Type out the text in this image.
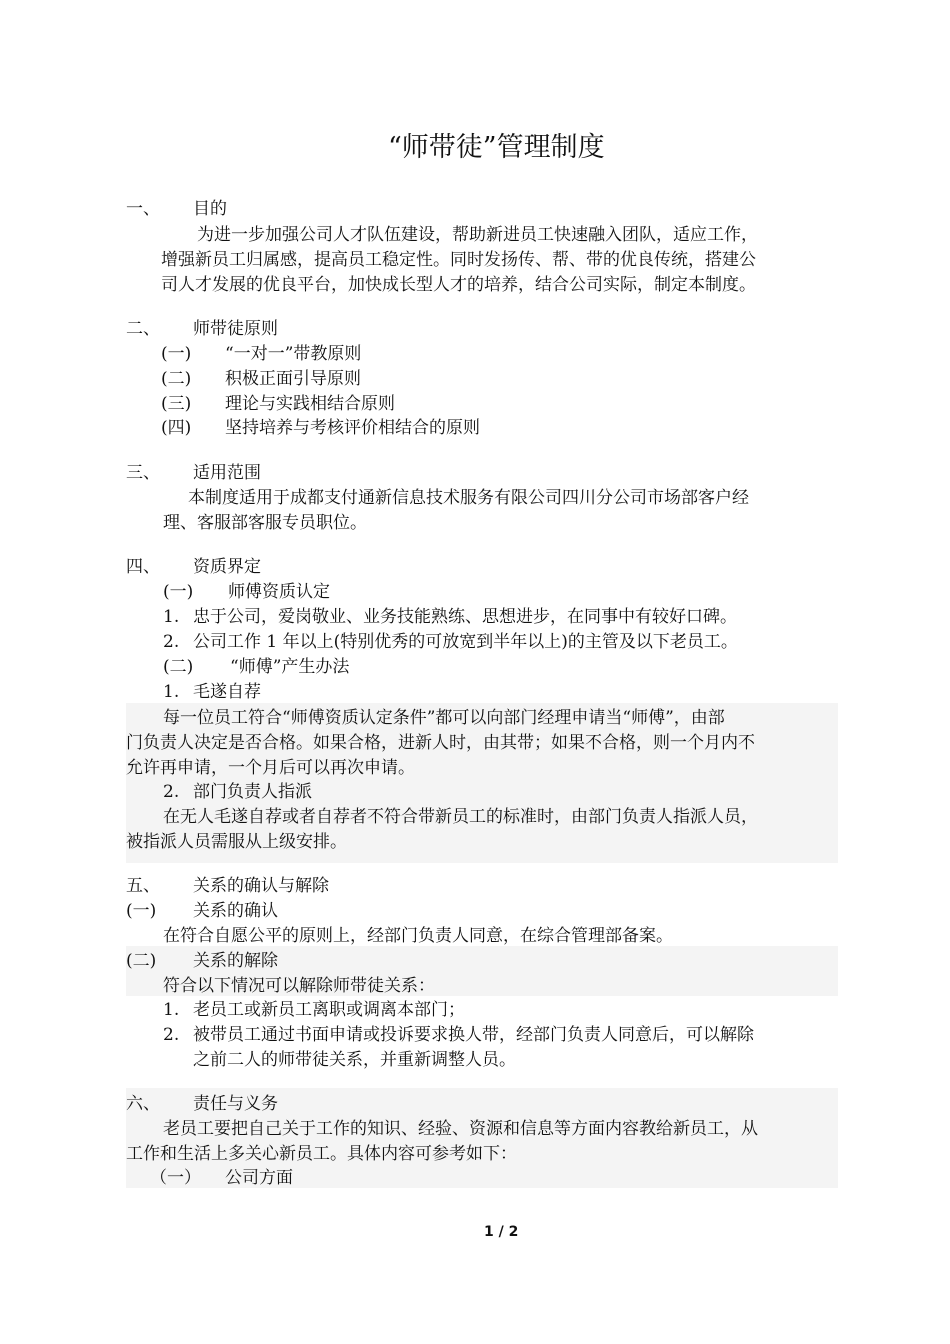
“师带徒”管理制度
一、 目的
为进一步加强公司人才队伍建设，帮助新进员工快速融入团队，适应工作，
增强新员工归属感，提高员工稳定性。同时发扬传、帮、带的优良传统，搭建公
司人才发展的优良平台，加快成长型人才的培养，结合公司实际，制定本制度。
二、 师带徒原则
(一) “一对一”带教原则
(二) 积极正面引导原则
(三) 理论与实践相结合原则
(四) 坚持培养与考核评价相结合的原则
三、 适用范围
本制度适用于成都支付通新信息技术服务有限公司四川分公司市场部客户经
理、客服部客服专员职位。
四、 资质界定
(一) 师傅资质认定
1. 忠于公司，爱岗敬业、业务技能熟练、思想进步，在同事中有较好口碑。
2. 公司工作 1 年以上(特别优秀的可放宽到半年以上)的主管及以下老员工。
(二) “师傅”产生办法
1. 毛遂自荐
每一位员工符合“师傅资质认定条件”都可以向部门经理申请当“师傅”，由部
门负责人决定是否合格。如果合格，进新人时，由其带；如果不合格，则一个月内不
允许再申请，一个月后可以再次申请。
2. 部门负责人指派
在无人毛遂自荐或者自荐者不符合带新员工的标准时，由部门负责人指派人员，
被指派人员需服从上级安排。
五、 关系的确认与解除
(一) 关系的确认
在符合自愿公平的原则上，经部门负责人同意，在综合管理部备案。
(二) 关系的解除
符合以下情况可以解除师带徒关系：
1. 老员工或新员工离职或调离本部门；
2. 被带员工通过书面申请或投诉要求换人带，经部门负责人同意后，可以解除
之前二人的师带徒关系，并重新调整人员。
六、 责任与义务
老员工要把自己关于工作的知识、经验、资源和信息等方面内容教给新员工，从
工作和生活上多关心新员工。具体内容可参考如下：
（一） 公司方面
1 / 2
